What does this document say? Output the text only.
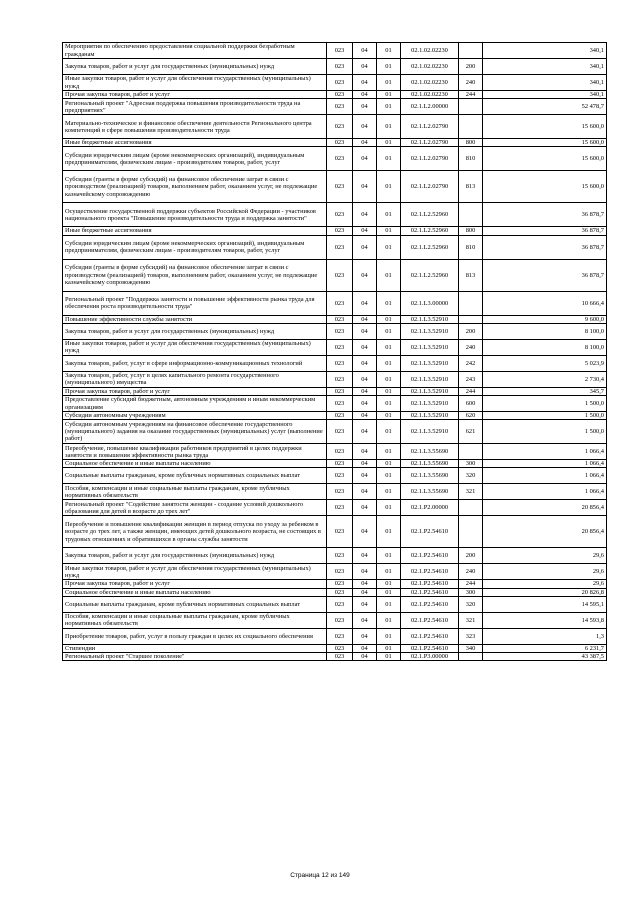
Мероприятия по обеспечению предоставления социальной поддержки безработным гражданам	023	04	01	02.1.02.02230		340,1
Закупка товаров, работ и услуг для государственных (муниципальных) нужд	023	04	01	02.1.02.02230	200	340,1
Иные закупки товаров, работ и услуг для обеспечения государственных (муниципальных) нужд	023	04	01	02.1.02.02230	240	340,1
Прочая закупка товаров, работ и услуг	023	04	01	02.1.02.02230	244	340,1
Региональный проект "Адресная поддержка повышения производительности труда на предприятиях"	023	04	01	02.1.L2.00000		52 478,7
Материально-техническое и финансовое обеспечение деятельности Регионального центра компетенций в сфере повышения производительности труда	023	04	01	02.1.L2.02790		15 600,0
Иные бюджетные ассигнования	023	04	01	02.1.L2.02790	800	15 600,0
Субсидии юридическим лицам (кроме некоммерческих организаций), индивидуальным предпринимателям, физическим лицам - производителям товаров, работ, услуг	023	04	01	02.1.L2.02790	810	15 600,0
Субсидии (гранты в форме субсидий) на финансовое обеспечение затрат в связи с производством (реализацией) товаров, выполнением работ, оказанием услуг, не подлежащие казначейскому сопровождению	023	04	01	02.1.L2.02790	813	15 600,0
Осуществление государственной поддержки субъектов Российской Федерации - участников национального проекта "Повышение производительности труда и поддержка занятости"	023	04	01	02.1.L2.52960		36 878,7
Иные бюджетные ассигнования	023	04	01	02.1.L2.52960	800	36 878,7
Субсидии юридическим лицам (кроме некоммерческих организаций), индивидуальным предпринимателям, физическим лицам - производителям товаров, работ, услуг	023	04	01	02.1.L2.52960	810	36 878,7
Субсидии (гранты в форме субсидий) на финансовое обеспечение затрат в связи с производством (реализацией) товаров, выполнением работ, оказанием услуг, не подлежащие казначейскому сопровождению	023	04	01	02.1.L2.52960	813	36 878,7
Региональный проект "Поддержка занятости и повышение эффективности рынка труда для обеспечения роста производительности труда"	023	04	01	02.1.L3.00000		10 666,4
Повышение эффективности службы занятости	023	04	01	02.1.L3.52910		9 600,0
Закупка товаров, работ и услуг для государственных (муниципальных) нужд	023	04	01	02.1.L3.52910	200	8 100,0
Иные закупки товаров, работ и услуг для обеспечения государственных (муниципальных) нужд	023	04	01	02.1.L3.52910	240	8 100,0
Закупка товаров, работ, услуг в сфере информационно-коммуникационных технологий	023	04	01	02.1.L3.52910	242	5 023,9
Закупка товаров, работ, услуг в целях капитального ремонта государственного (муниципального) имущества	023	04	01	02.1.L3.52910	243	2 730,4
Прочая закупка товаров, работ и услуг	023	04	01	02.1.L3.52910	244	345,7
Предоставление субсидий бюджетным, автономным учреждениям и иным некоммерческим организациям	023	04	01	02.1.L3.52910	600	1 500,0
Субсидии автономным учреждениям	023	04	01	02.1.L3.52910	620	1 500,0
Субсидии автономным учреждениям на финансовое обеспечение государственного (муниципального) задания на оказание государственных (муниципальных) услуг (выполнение работ)	023	04	01	02.1.L3.52910	621	1 500,0
Переобучение, повышение квалификации работников предприятий в целях поддержки занятости и повышения эффективности рынка труда	023	04	01	02.1.L3.55690		1 066,4
Социальное обеспечение и иные выплаты населению	023	04	01	02.1.L3.55690	300	1 066,4
Социальные выплаты гражданам, кроме публичных нормативных социальных выплат	023	04	01	02.1.L3.55690	320	1 066,4
Пособия, компенсации и иные социальные выплаты гражданам, кроме публичных нормативных обязательств	023	04	01	02.1.L3.55690	321	1 066,4
Региональный проект "Содействие занятости женщин - создание условий дошкольного образования для детей в возрасте до трех лет"	023	04	01	02.1.P2.00000		20 856,4
Переобучение и повышение квалификации женщин в период отпуска по уходу за ребенком в возрасте до трех лет, а также женщин, имеющих детей дошкольного возраста, не состоящих в трудовых отношениях и обратившихся в органы службы занятости	023	04	01	02.1.P2.54610		20 856,4
Закупка товаров, работ и услуг для государственных (муниципальных) нужд	023	04	01	02.1.P2.54610	200	29,6
Иные закупки товаров, работ и услуг для обеспечения государственных (муниципальных) нужд	023	04	01	02.1.P2.54610	240	29,6
Прочая закупка товаров, работ и услуг	023	04	01	02.1.P2.54610	244	29,6
Социальное обеспечение и иные выплаты населению	023	04	01	02.1.P2.54610	300	20 826,8
Социальные выплаты гражданам, кроме публичных нормативных социальных выплат	023	04	01	02.1.P2.54610	320	14 595,1
Пособия, компенсации и иные социальные выплаты гражданам, кроме публичных нормативных обязательств	023	04	01	02.1.P2.54610	321	14 593,8
Приобретение товаров, работ, услуг в пользу граждан в целях их социального обеспечения	023	04	01	02.1.P2.54610	323	1,3
Стипендии	023	04	01	02.1.P2.54610	340	6 231,7
Региональный проект "Старшее поколение"	023	04	01	02.1.P3.00000		43 387,5
Страница 12 из 149
